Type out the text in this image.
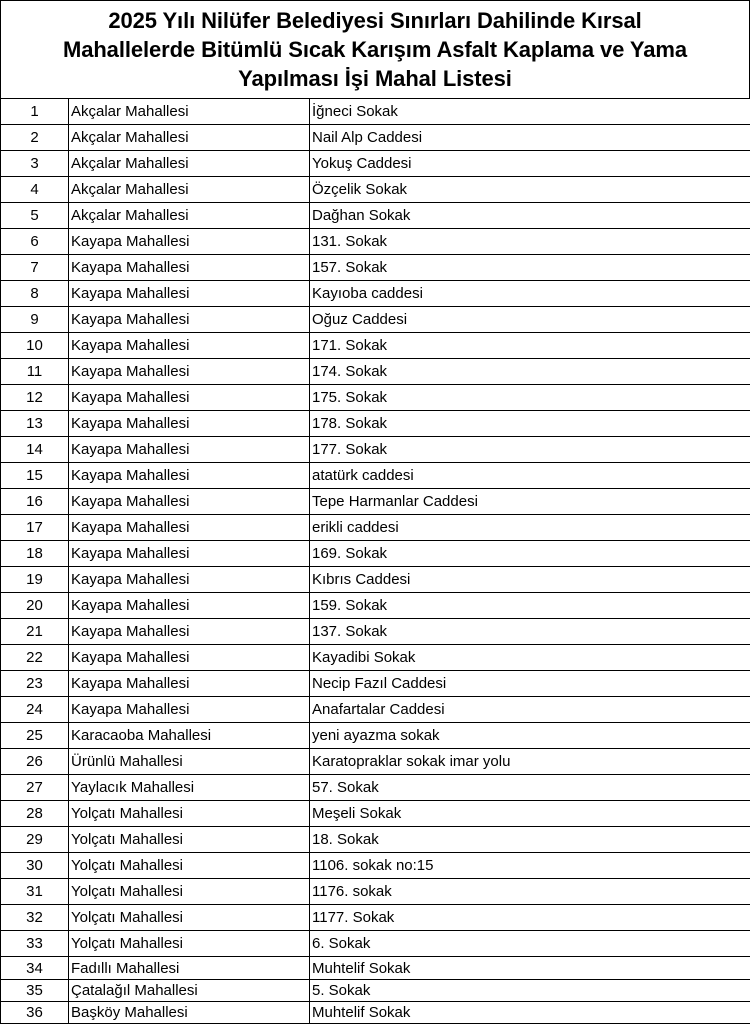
2025 Yılı Nilüfer Belediyesi Sınırları Dahilinde Kırsal
Mahallelerde Bitümlü Sıcak Karışım Asfalt Kaplama ve Yama
Yapılması İşi Mahal Listesi
1	Akçalar Mahallesi	İğneci Sokak
2	Akçalar Mahallesi	Nail Alp Caddesi
3	Akçalar Mahallesi	Yokuş Caddesi
4	Akçalar Mahallesi	Özçelik Sokak
5	Akçalar Mahallesi	Dağhan Sokak
6	Kayapa Mahallesi	131. Sokak
7	Kayapa Mahallesi	157. Sokak
8	Kayapa Mahallesi	Kayıoba caddesi
9	Kayapa Mahallesi	Oğuz Caddesi
10	Kayapa Mahallesi	171. Sokak
11	Kayapa Mahallesi	174. Sokak
12	Kayapa Mahallesi	175. Sokak
13	Kayapa Mahallesi	178. Sokak
14	Kayapa Mahallesi	177. Sokak
15	Kayapa Mahallesi	atatürk caddesi
16	Kayapa Mahallesi	Tepe Harmanlar Caddesi
17	Kayapa Mahallesi	erikli caddesi
18	Kayapa Mahallesi	169. Sokak
19	Kayapa Mahallesi	Kıbrıs Caddesi
20	Kayapa Mahallesi	159. Sokak
21	Kayapa Mahallesi	137. Sokak
22	Kayapa Mahallesi	Kayadibi Sokak
23	Kayapa Mahallesi	Necip Fazıl Caddesi
24	Kayapa Mahallesi	Anafartalar Caddesi
25	Karacaoba Mahallesi	yeni ayazma sokak
26	Ürünlü Mahallesi	Karatopraklar sokak imar yolu
27	Yaylacık Mahallesi	57. Sokak
28	Yolçatı Mahallesi	Meşeli Sokak
29	Yolçatı Mahallesi	18. Sokak
30	Yolçatı Mahallesi	1106. sokak no:15
31	Yolçatı Mahallesi	1176. sokak
32	Yolçatı Mahallesi	1177. Sokak
33	Yolçatı Mahallesi	6. Sokak
34	Fadıllı Mahallesi	Muhtelif Sokak
35	Çatalağıl Mahallesi	5. Sokak
36	Başköy Mahallesi	Muhtelif Sokak
